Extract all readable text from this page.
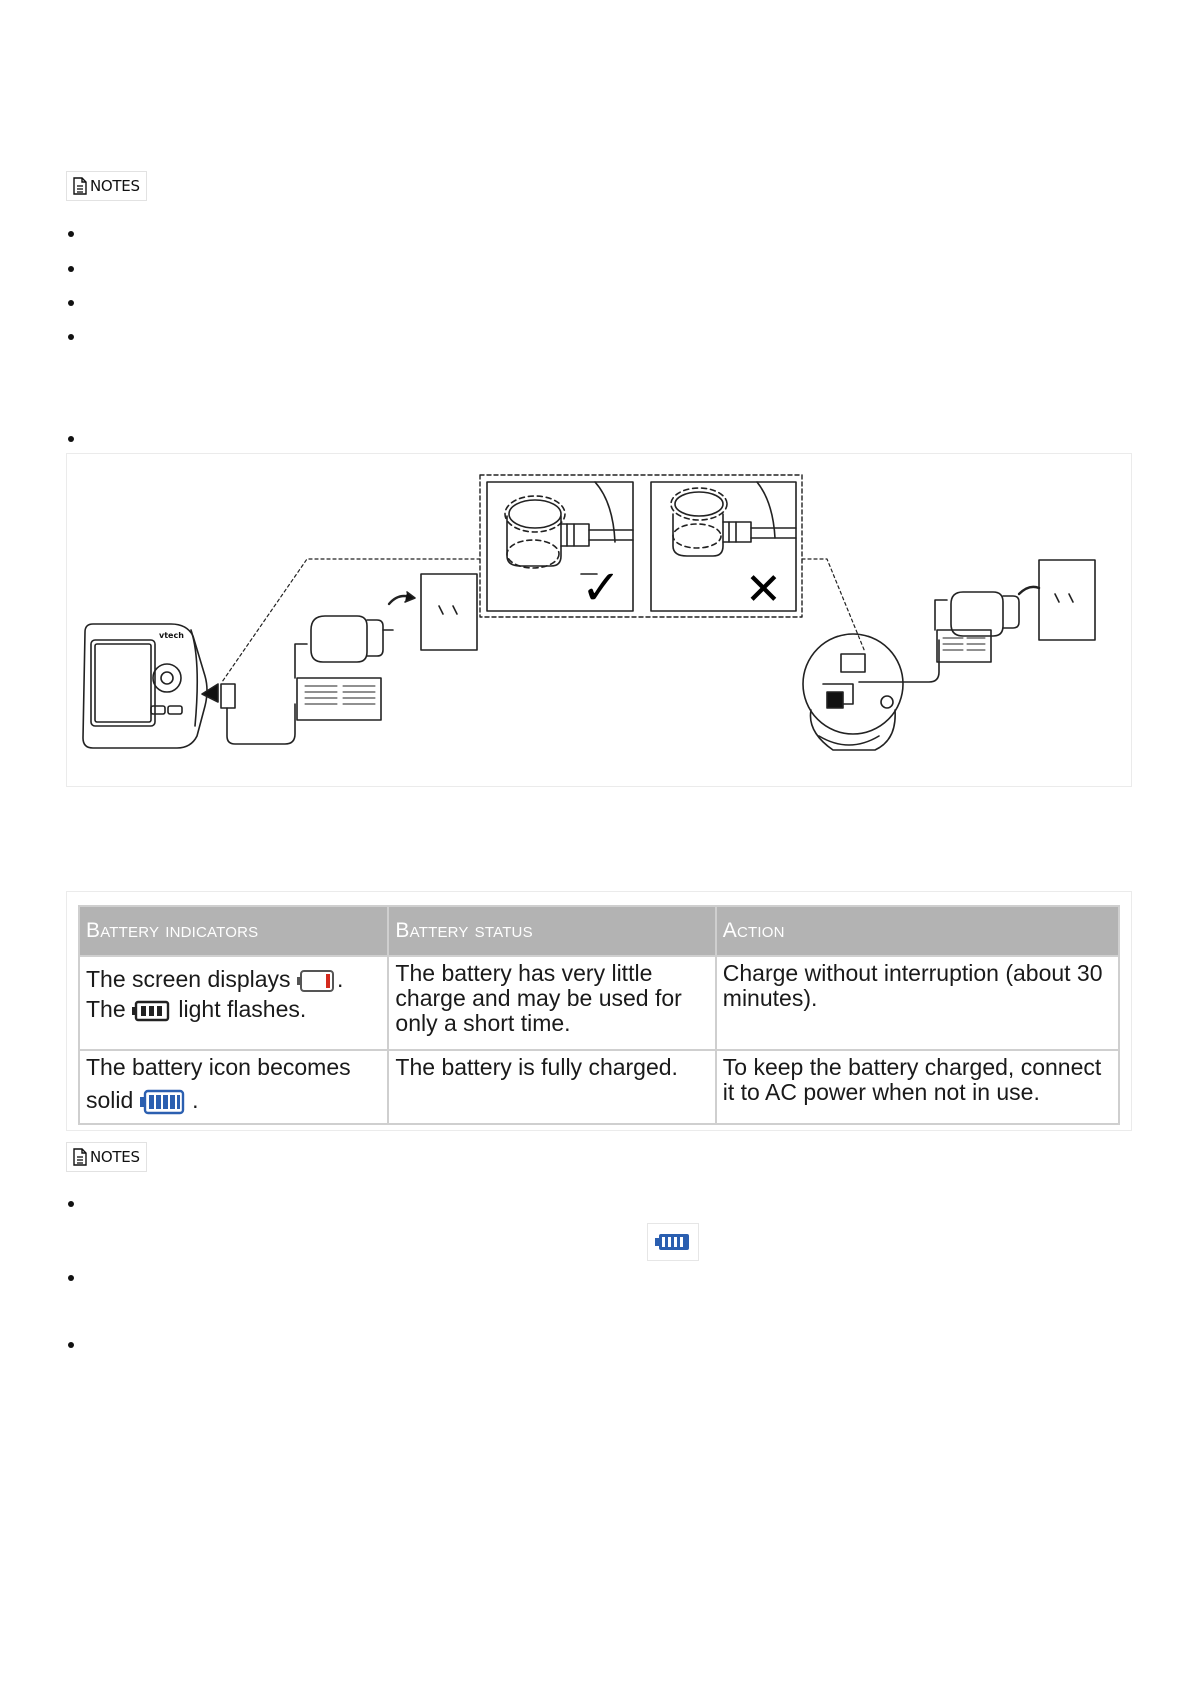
NOTES
vtech
✓	✕
Battery indicators	Battery status	Action

The screen displays .
The light flashes.	The battery has very little charge and may be used for only a short time.	Charge without interruption (about 30 minutes).

The battery icon becomes
solid .	The battery is fully charged.	To keep the battery charged, connect it to AC power when not in use.
NOTES
